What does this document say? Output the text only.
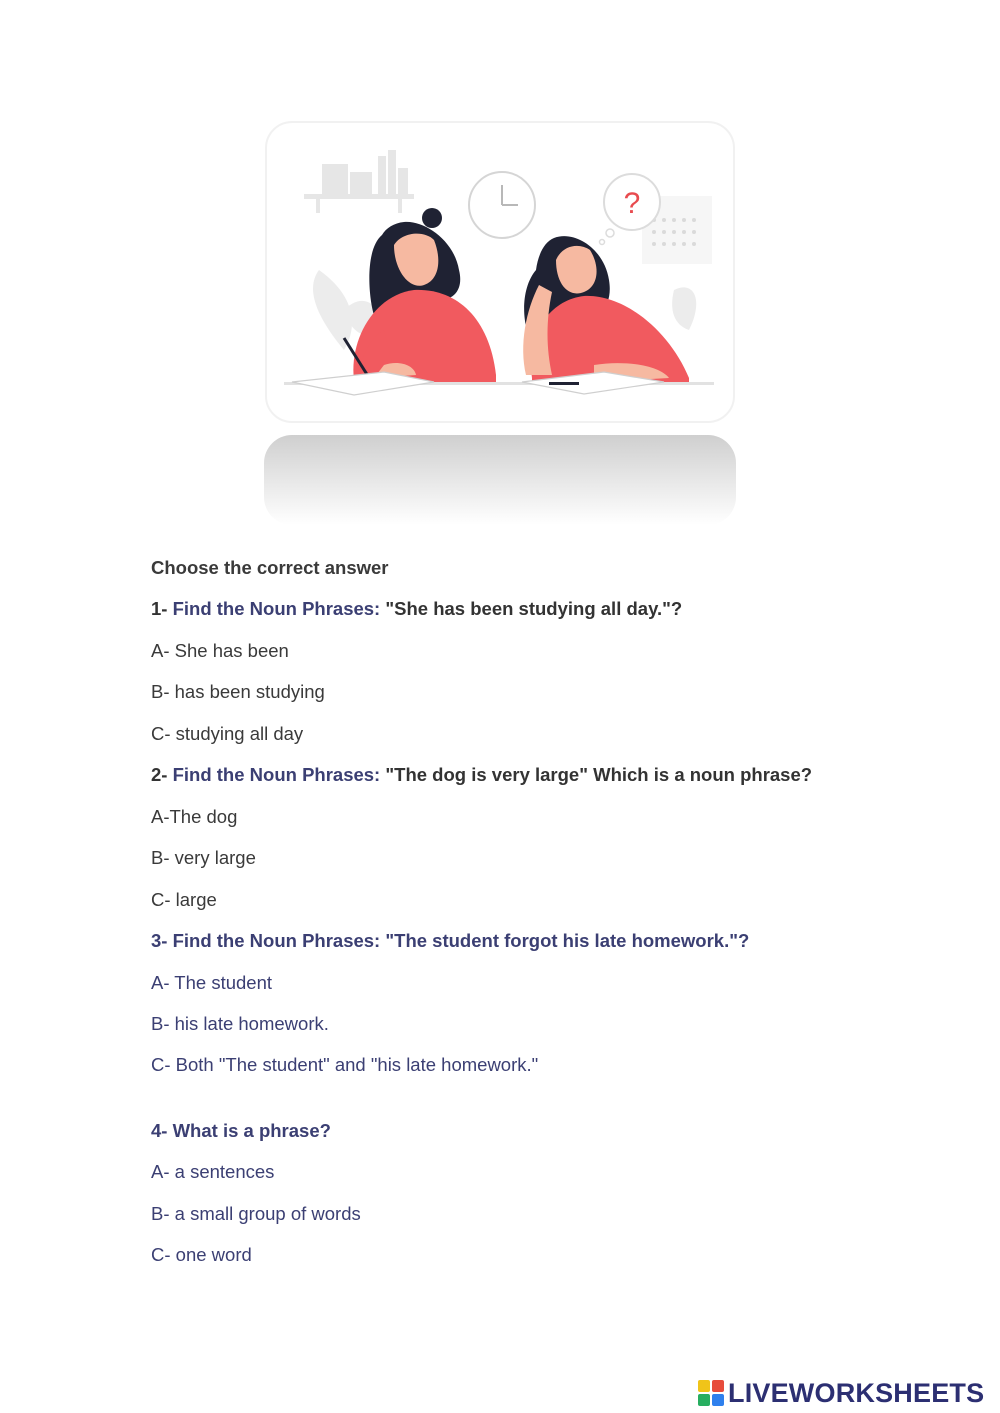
?
Choose the correct answer
1- Find the Noun Phrases: "She has been studying all day."?
A- She has been
B- has been studying
C- studying all day
2- Find the Noun Phrases: "The dog is very large" Which is a noun phrase?
A-The dog
B- very large
C- large
3- Find the Noun Phrases: "The student forgot his late homework."?
A- The student
B- his late homework.
C- Both "The student" and "his late homework."
4- What is a phrase?
A- a sentences
B- a small group of words
C- one word
LIVEWORKSHEETS
